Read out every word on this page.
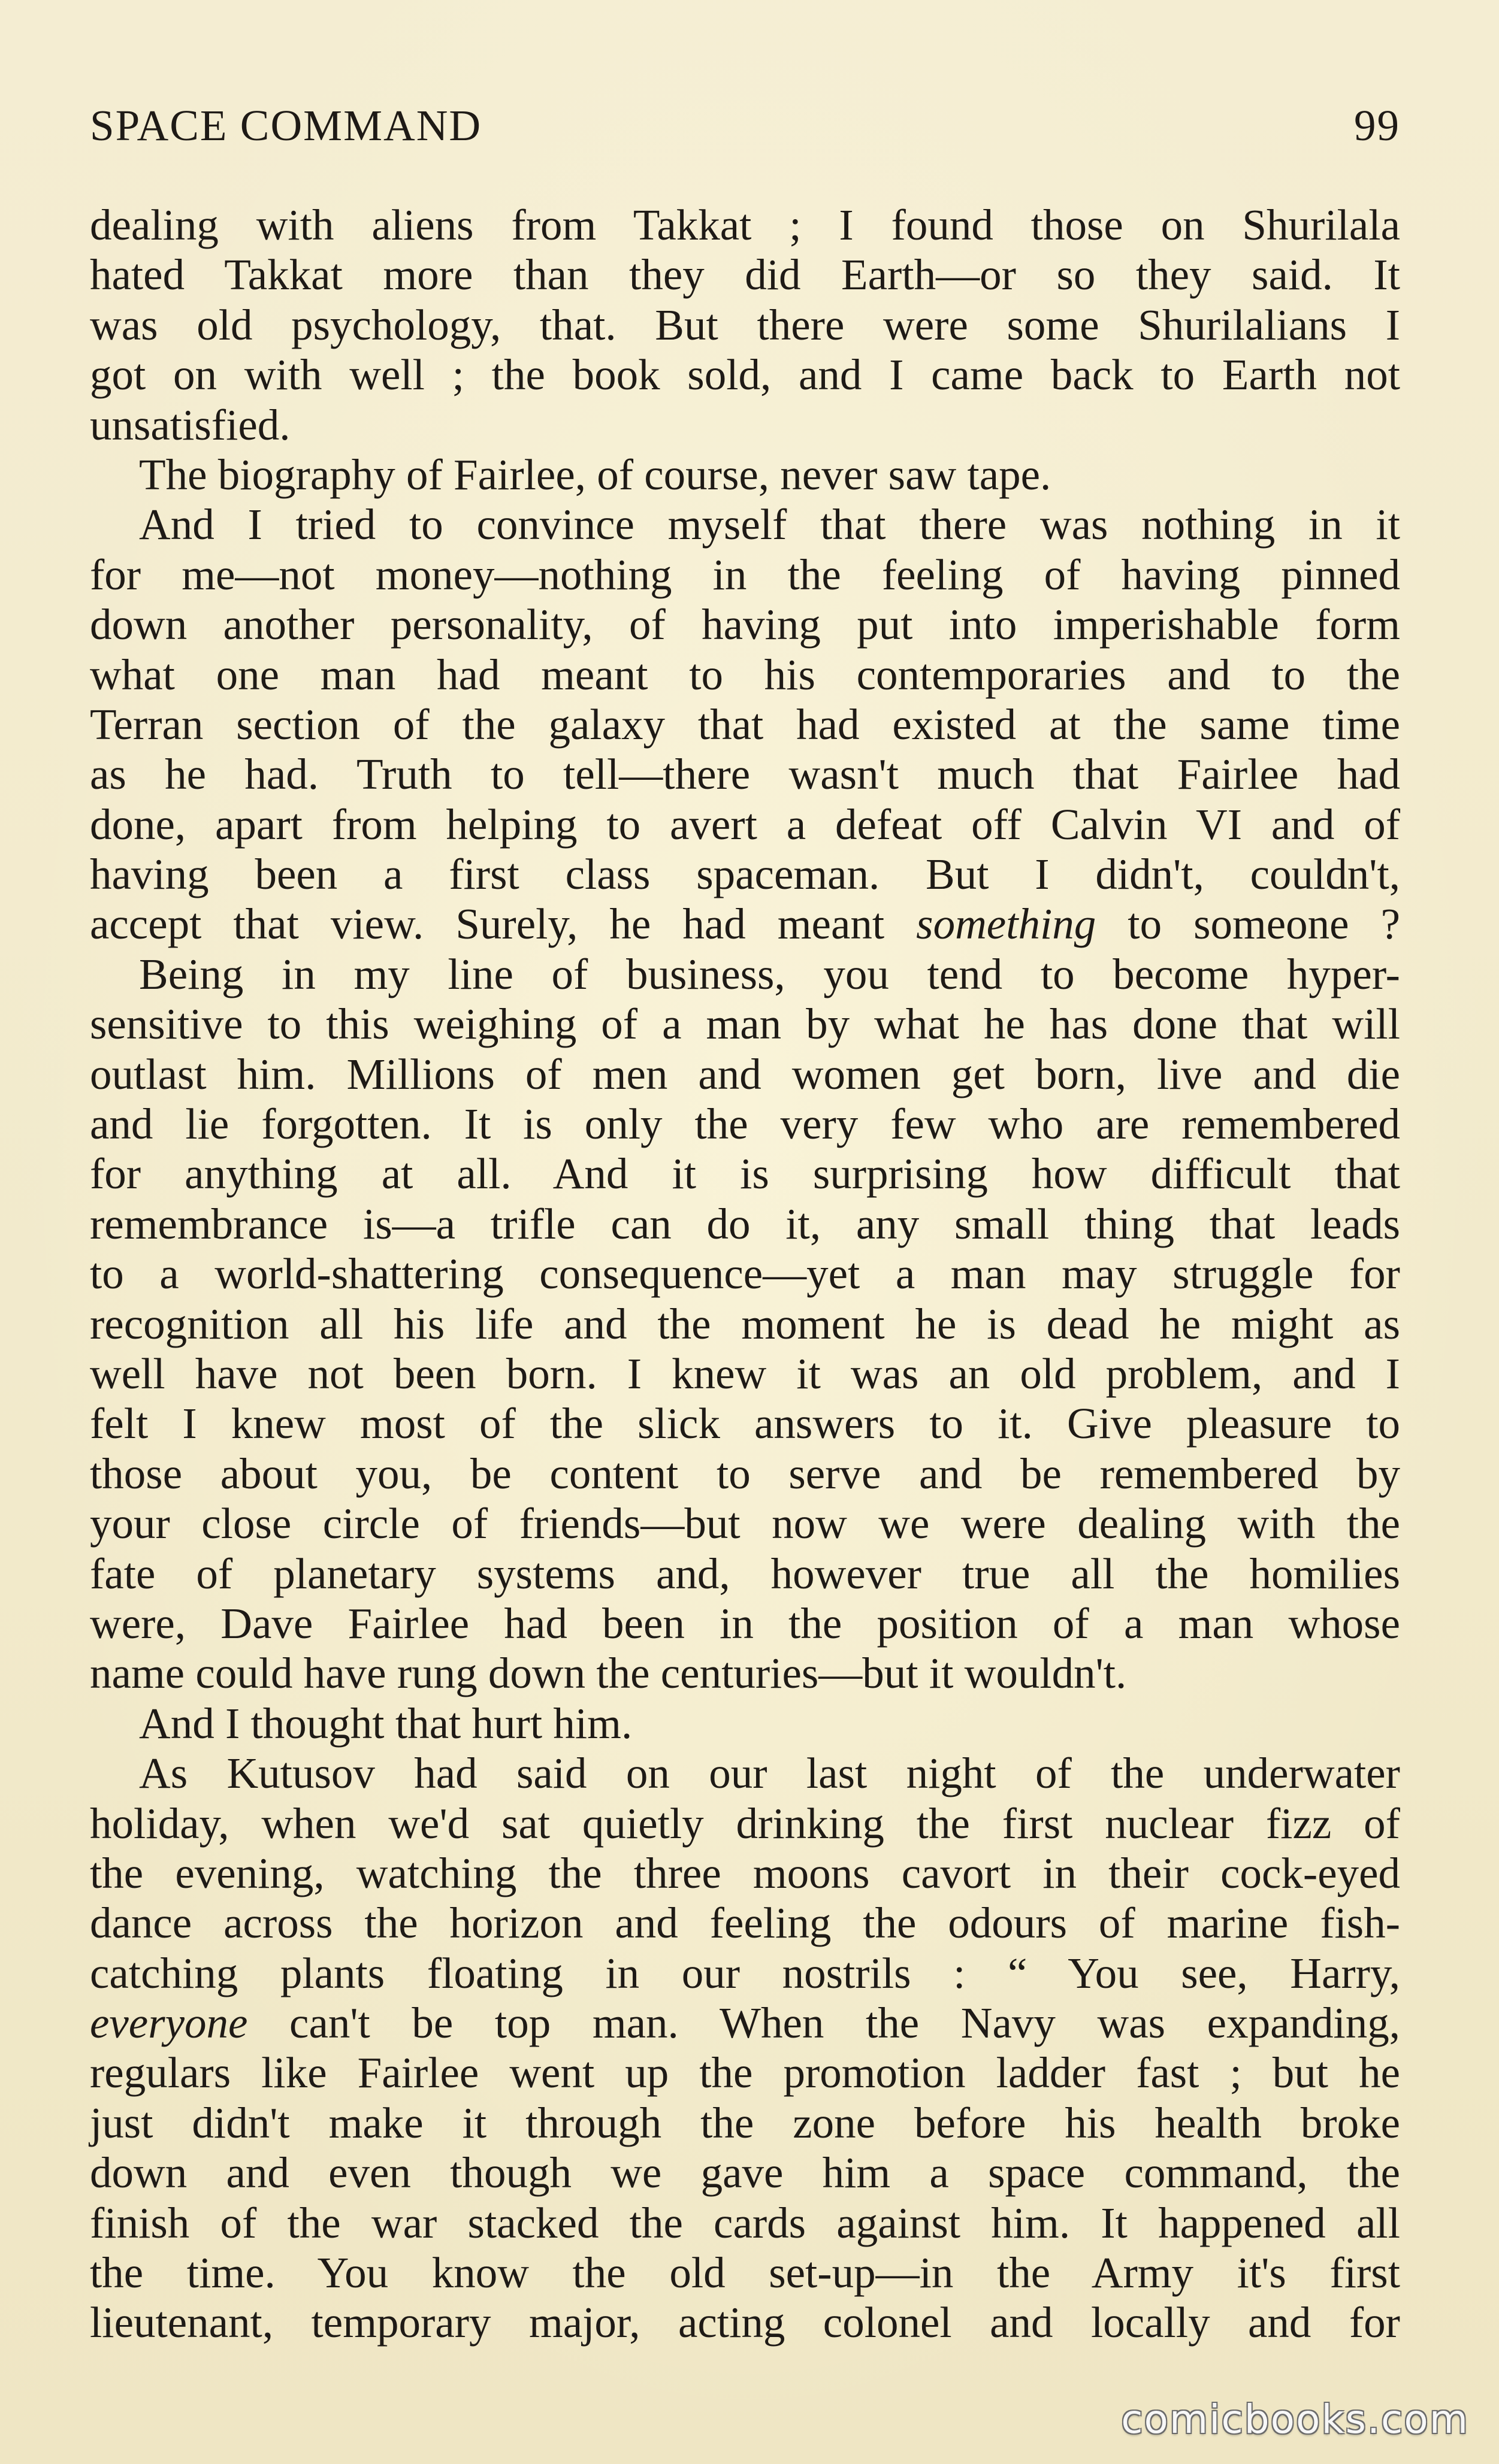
SPACE COMMAND	99
dealing with aliens from Takkat ; I found those on Shurilala
hated Takkat more than they did Earth—or so they said. It
was old psychology, that. But there were some Shurilalians I
got on with well ; the book sold, and I came back to Earth not
unsatisfied.
The biography of Fairlee, of course, never saw tape.
And I tried to convince myself that there was nothing in it
for me—not money—nothing in the feeling of having pinned
down another personality, of having put into imperishable form
what one man had meant to his contemporaries and to the
Terran section of the galaxy that had existed at the same time
as he had. Truth to tell—there wasn't much that Fairlee had
done, apart from helping to avert a defeat off Calvin VI and of
having been a first class spaceman. But I didn't, couldn't,
accept that view. Surely, he had meant something to someone ?
Being in my line of business, you tend to become hyper-
sensitive to this weighing of a man by what he has done that will
outlast him. Millions of men and women get born, live and die
and lie forgotten. It is only the very few who are remembered
for anything at all. And it is surprising how difficult that
remembrance is—a trifle can do it, any small thing that leads
to a world-shattering consequence—yet a man may struggle for
recognition all his life and the moment he is dead he might as
well have not been born. I knew it was an old problem, and I
felt I knew most of the slick answers to it. Give pleasure to
those about you, be content to serve and be remembered by
your close circle of friends—but now we were dealing with the
fate of planetary systems and, however true all the homilies
were, Dave Fairlee had been in the position of a man whose
name could have rung down the centuries—but it wouldn't.
And I thought that hurt him.
As Kutusov had said on our last night of the underwater
holiday, when we'd sat quietly drinking the first nuclear fizz of
the evening, watching the three moons cavort in their cock-eyed
dance across the horizon and feeling the odours of marine fish-
catching plants floating in our nostrils : “ You see, Harry,
everyone can't be top man. When the Navy was expanding,
regulars like Fairlee went up the promotion ladder fast ; but he
just didn't make it through the zone before his health broke
down and even though we gave him a space command, the
finish of the war stacked the cards against him. It happened all
the time. You know the old set-up—in the Army it's first
lieutenant, temporary major, acting colonel and locally and for
comicbooks.com
